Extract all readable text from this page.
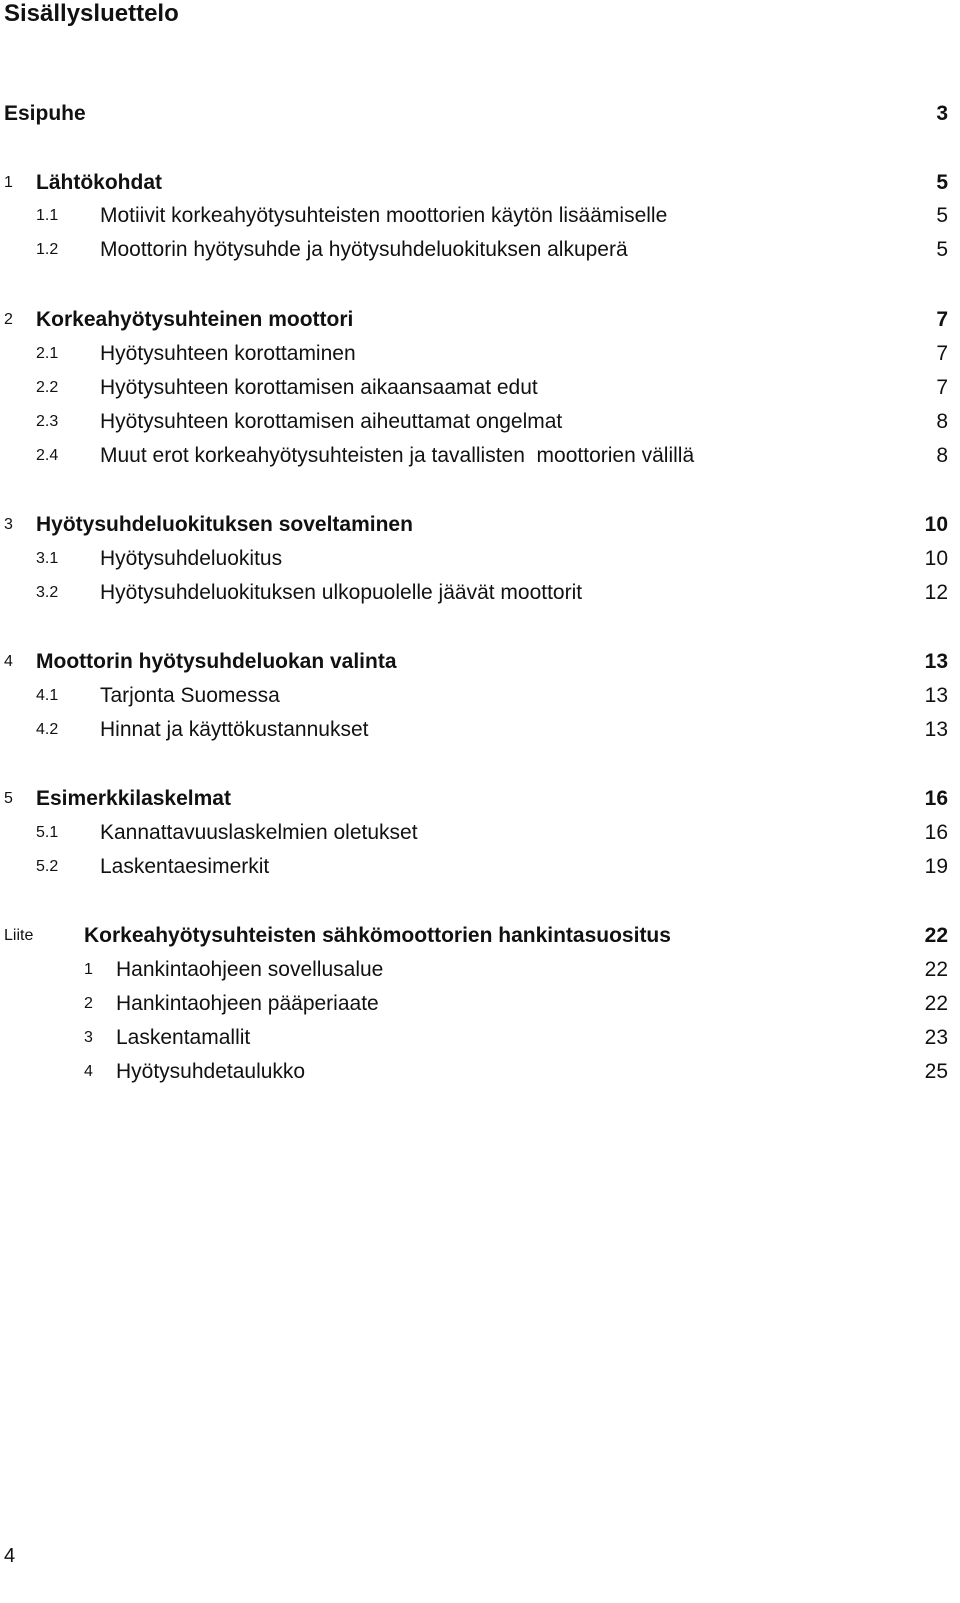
Sisällysluettelo
Esipuhe	3
1 Lähtökohdat	5
1.1 Motiivit korkeahyötysuhteisten moottorien käytön lisäämiselle	5
1.2 Moottorin hyötysuhde ja hyötysuhdeluokituksen alkuperä	5
2 Korkeahyötysuhteinen moottori	7
2.1 Hyötysuhteen korottaminen	7
2.2 Hyötysuhteen korottamisen aikaansaamat edut	7
2.3 Hyötysuhteen korottamisen aiheuttamat ongelmat	8
2.4 Muut erot korkeahyötysuhteisten ja tavallisten  moottorien välillä	8
3 Hyötysuhdeluokituksen soveltaminen	10
3.1 Hyötysuhdeluokitus	10
3.2 Hyötysuhdeluokituksen ulkopuolelle jäävät moottorit	12
4 Moottorin hyötysuhdeluokan valinta	13
4.1 Tarjonta Suomessa	13
4.2 Hinnat ja käyttökustannukset	13
5 Esimerkkilaskelmat	16
5.1 Kannattavuuslaskelmien oletukset	16
5.2 Laskentaesimerkit	19
Liite Korkeahyötysuhteisten sähkömoottorien hankintasuositus	22
1 Hankintaohjeen sovellusalue	22
2 Hankintaohjeen pääperiaate	22
3 Laskentamallit	23
4 Hyötysuhdetaulukko	25
4
